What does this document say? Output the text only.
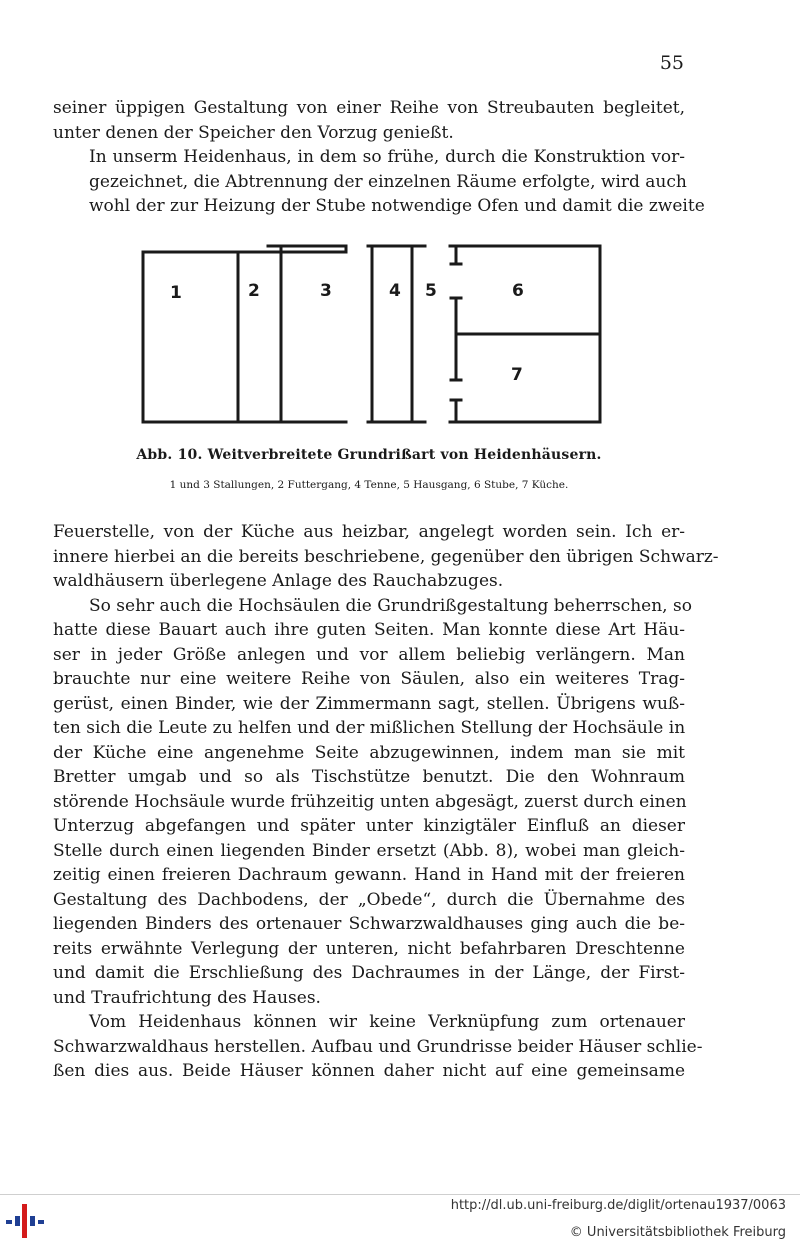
55

seiner üppigen Gestaltung von einer Reihe von Streubauten begleitet,
unter denen der Speicher den Vorzug genießt.

In unserm Heidenhaus, in dem so frühe, durch die Konstruktion vor-
gezeichnet, die Abtrennung der einzelnen Räume erfolgte, wird auch
wohl der zur Heizung der Stube notwendige Ofen und damit die zweite

1	2	3	4 5	6
7
Abb. 10. Weitverbreitete Grundrißart von Heidenhäusern.
1 und 3 Stallungen, 2 Futtergang, 4 Tenne, 5 Hausgang, 6 Stube, 7 Küche.

Feuerstelle, von der Küche aus heizbar, angelegt worden sein. Ich er-
innere hierbei an die bereits beschriebene, gegenüber den übrigen Schwarz-
waldhäusern überlegene Anlage des Rauchabzuges.

So sehr auch die Hochsäulen die Grundrißgestaltung beherrschen, so
hatte diese Bauart auch ihre guten Seiten. Man konnte diese Art Häu-
ser in jeder Größe anlegen und vor allem beliebig verlängern. Man
brauchte nur eine weitere Reihe von Säulen, also ein weiteres Trag-
gerüst, einen Binder, wie der Zimmermann sagt, stellen. Übrigens wuß-
ten sich die Leute zu helfen und der mißlichen Stellung der Hochsäule in
der Küche eine angenehme Seite abzugewinnen, indem man sie mit
Bretter umgab und so als Tischstütze benutzt. Die den Wohnraum
störende Hochsäule wurde frühzeitig unten abgesägt, zuerst durch einen
Unterzug abgefangen und später unter kinzigtäler Einfluß an dieser
Stelle durch einen liegenden Binder ersetzt (Abb. 8), wobei man gleich-
zeitig einen freieren Dachraum gewann. Hand in Hand mit der freieren
Gestaltung des Dachbodens, der „Obede“, durch die Übernahme des
liegenden Binders des ortenauer Schwarzwaldhauses ging auch die be-
reits erwähnte Verlegung der unteren, nicht befahrbaren Dreschtenne
und damit die Erschließung des Dachraumes in der Länge, der First-
und Traufrichtung des Hauses.

Vom Heidenhaus können wir keine Verknüpfung zum ortenauer
Schwarzwaldhaus herstellen. Aufbau und Grundrisse beider Häuser schlie-
ßen dies aus. Beide Häuser können daher nicht auf eine gemeinsame

http://dl.ub.uni-freiburg.de/diglit/ortenau1937/0063
© Universitätsbibliothek Freiburg
